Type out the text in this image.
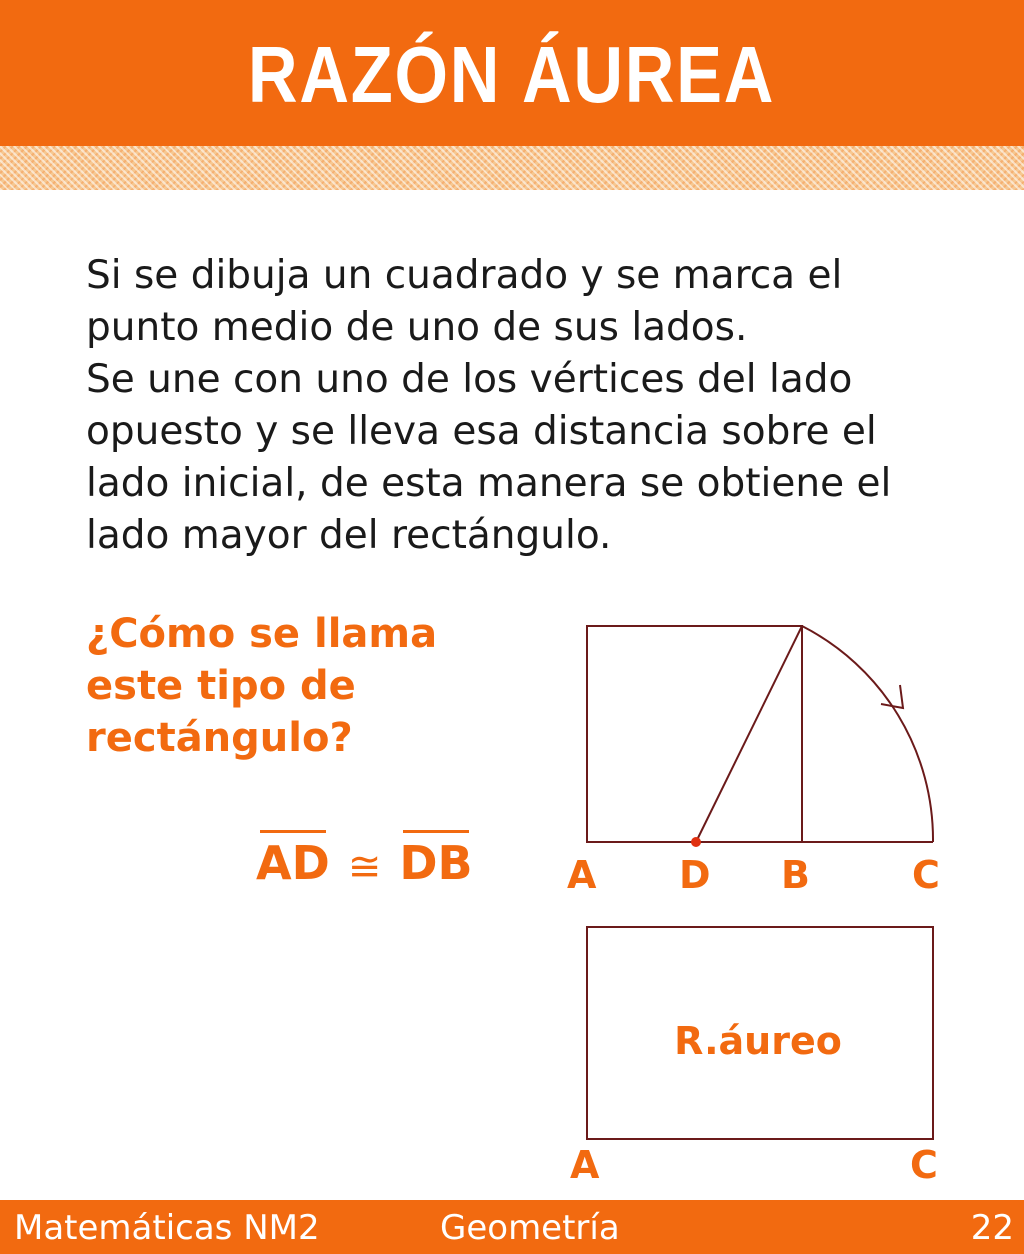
RAZÓN ÁUREA

Si se dibuja un cuadrado y se marca el

punto medio de uno de sus lados.

Se une con uno de los vértices del lado

opuesto y se lleva esa distancia sobre el

lado inicial, de esta manera se obtiene el

lado mayor del rectángulo.

¿Cómo se llama

este tipo de

rectángulo?

AD ≅ DB A D B	C
R.áureo
A	C
Matemáticas NM2	Geometría	22
